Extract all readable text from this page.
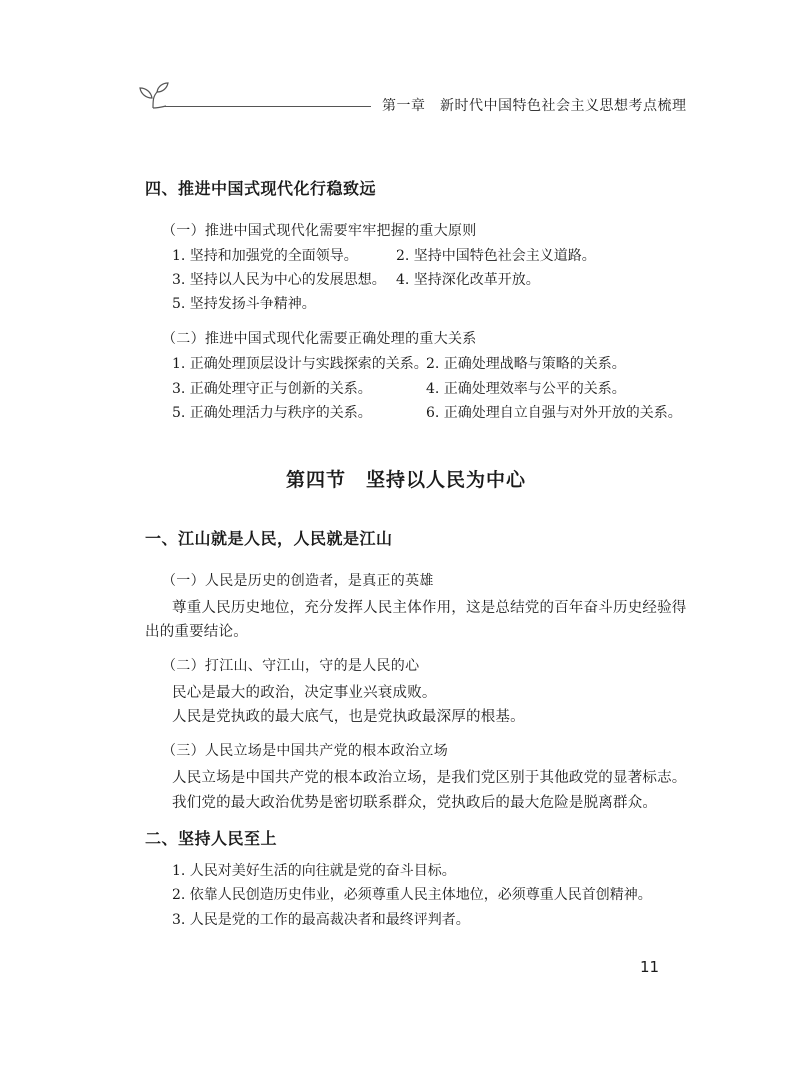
第一章　新时代中国特色社会主义思想考点梳理
四、推进中国式现代化行稳致远
（一）推进中国式现代化需要牢牢把握的重大原则
1. 坚持和加强党的全面领导。	2. 坚持中国特色社会主义道路。
3. 坚持以人民为中心的发展思想。 4. 坚持深化改革开放。
5. 坚持发扬斗争精神。
（二）推进中国式现代化需要正确处理的重大关系
1. 正确处理顶层设计与实践探索的关系。
2. 正确处理战略与策略的关系。
3. 正确处理守正与创新的关系。	4. 正确处理效率与公平的关系。
5. 正确处理活力与秩序的关系。	6. 正确处理自立自强与对外开放的关系。
第四节　坚持以人民为中心
一、江山就是人民，人民就是江山
（一）人民是历史的创造者，是真正的英雄
尊重人民历史地位，充分发挥人民主体作用，这是总结党的百年奋斗历史经验得
出的重要结论。
（二）打江山、守江山，守的是人民的心
民心是最大的政治，决定事业兴衰成败。
人民是党执政的最大底气，也是党执政最深厚的根基。
（三）人民立场是中国共产党的根本政治立场
人民立场是中国共产党的根本政治立场，是我们党区别于其他政党的显著标志。
我们党的最大政治优势是密切联系群众，党执政后的最大危险是脱离群众。
二、坚持人民至上
1. 人民对美好生活的向往就是党的奋斗目标。
2. 依靠人民创造历史伟业，必须尊重人民主体地位，必须尊重人民首创精神。
3. 人民是党的工作的最高裁决者和最终评判者。
11
